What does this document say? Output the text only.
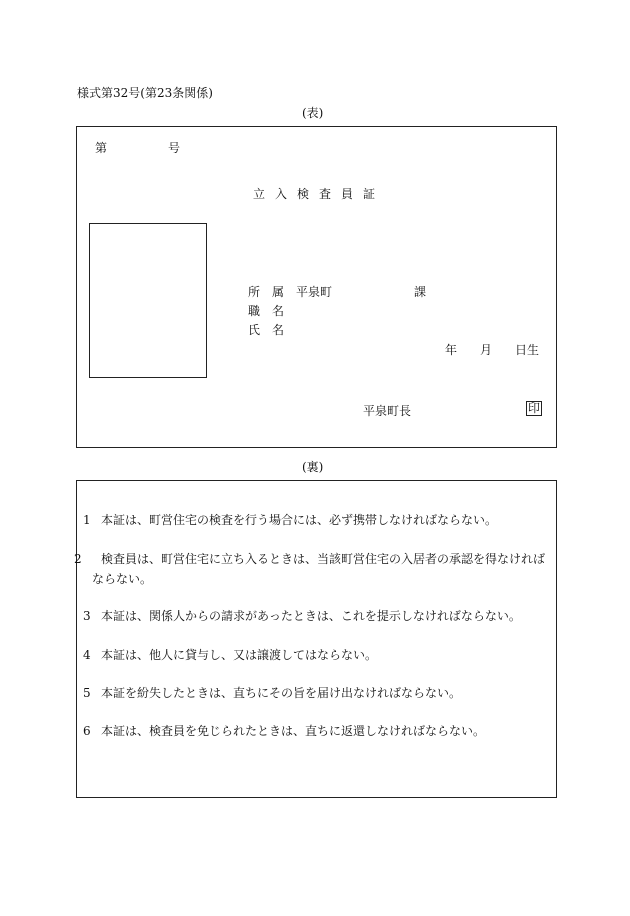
様式第32号(第23条関係)
(表)
第	号
立入検査員証
所　属 平泉町	課
職　名
氏　名
年 月 日生
平泉町長	印
(裏)
1 本証は、町営住宅の検査を行う場合には、必ず携帯しなければならない。
2 検査員は、町営住宅に立ち入るときは、当該町営住宅の入居者の承認を得なければならない。
3 本証は、関係人からの請求があったときは、これを提示しなければならない。
4 本証は、他人に貸与し、又は譲渡してはならない。
5 本証を紛失したときは、直ちにその旨を届け出なければならない。
6 本証は、検査員を免じられたときは、直ちに返還しなければならない。
